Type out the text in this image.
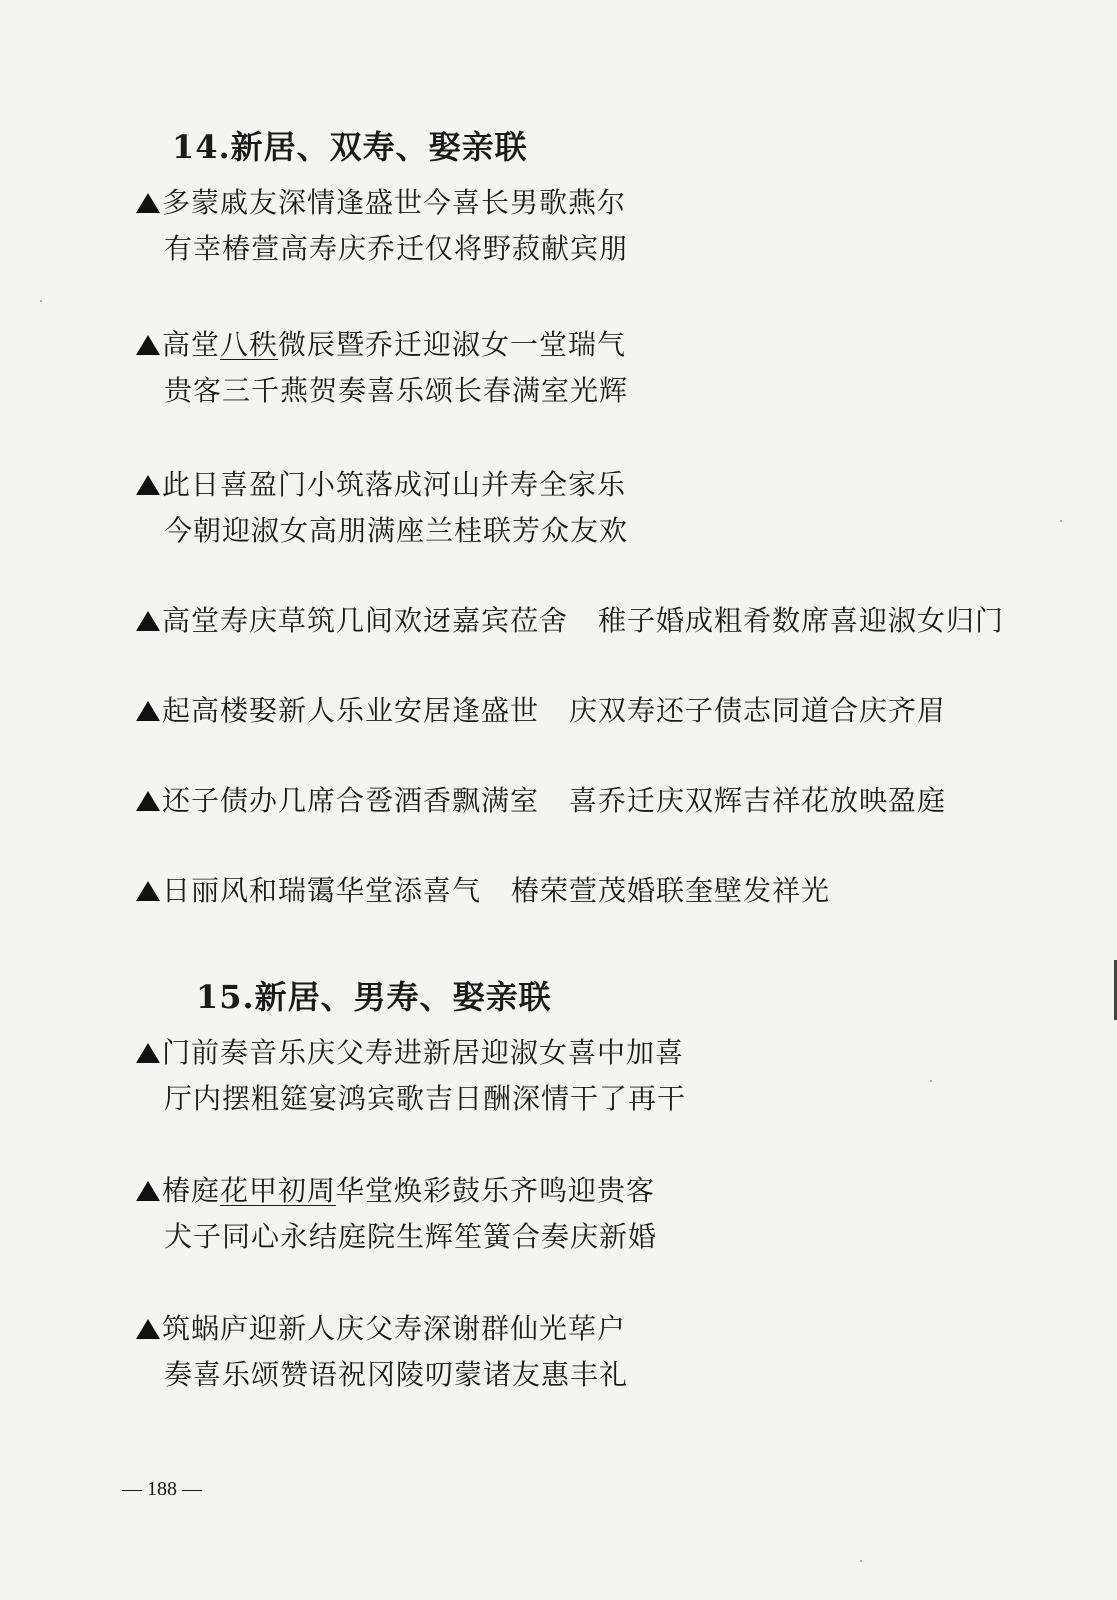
14.新居、双寿、娶亲联
多蒙戚友深情逢盛世今喜长男歌燕尔
有幸椿萱高寿庆乔迁仅将野菽献宾朋
高堂八秩微辰暨乔迁迎淑女一堂瑞气
贵客三千燕贺奏喜乐颂长春满室光辉
此日喜盈门小筑落成河山并寿全家乐
今朝迎淑女高朋满座兰桂联芳众友欢
高堂寿庆草筑几间欢迓嘉宾莅舍 稚子婚成粗肴数席喜迎淑女归门
起高楼娶新人乐业安居逢盛世 庆双寿还子债志同道合庆齐眉
还子债办几席合卺酒香飘满室 喜乔迁庆双辉吉祥花放映盈庭
日丽风和瑞霭华堂添喜气 椿荣萱茂婚联奎壁发祥光
15.新居、男寿、娶亲联
门前奏音乐庆父寿进新居迎淑女喜中加喜
厅内摆粗筵宴鸿宾歌吉日酬深情干了再干
椿庭花甲初周华堂焕彩鼓乐齐鸣迎贵客
犬子同心永结庭院生辉笙簧合奏庆新婚
筑蜗庐迎新人庆父寿深谢群仙光荜户
奏喜乐颂赞语祝冈陵叨蒙诸友惠丰礼
— 188 —
